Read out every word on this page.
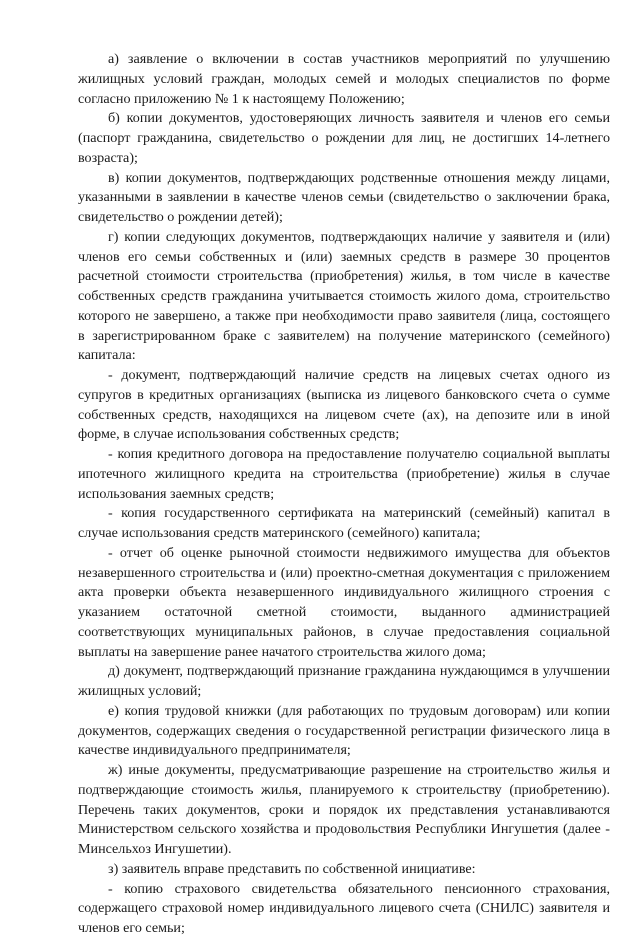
а) заявление о включении в состав участников мероприятий по улучшению жилищных условий граждан, молодых семей и молодых специалистов по форме согласно приложению № 1 к настоящему Положению;

б) копии документов, удостоверяющих личность заявителя и членов его семьи (паспорт гражданина, свидетельство о рождении для лиц, не достигших 14-летнего возраста);

в) копии документов, подтверждающих родственные отношения между лицами, указанными в заявлении в качестве членов семьи (свидетельство о заключении брака, свидетельство о рождении детей);

г) копии следующих документов, подтверждающих наличие у заявителя и (или) членов его семьи собственных и (или) заемных средств в размере 30 процентов расчетной стоимости строительства (приобретения) жилья, в том числе в качестве собственных средств гражданина учитывается стоимость жилого дома, строительство которого не завершено, а также при необходимости право заявителя (лица, состоящего в зарегистрированном браке с заявителем) на получение материнского (семейного) капитала:

- документ, подтверждающий наличие средств на лицевых счетах одного из супругов в кредитных организациях (выписка из лицевого банковского счета о сумме собственных средств, находящихся на лицевом счете (ах), на депозите или в иной форме, в случае использования собственных средств;

- копия кредитного договора на предоставление получателю социальной выплаты ипотечного жилищного кредита на строительства (приобретение) жилья в случае использования заемных средств;

- копия государственного сертификата на материнский (семейный) капитал в случае использования средств материнского (семейного) капитала;

- отчет об оценке рыночной стоимости недвижимого имущества для объектов незавершенного строительства и (или) проектно-сметная документация с приложением акта проверки объекта незавершенного индивидуального жилищного строения с указанием остаточной сметной стоимости, выданного администрацией соответствующих муниципальных районов, в случае предоставления социальной выплаты на завершение ранее начатого строительства жилого дома;

д) документ, подтверждающий признание гражданина нуждающимся в улучшении жилищных условий;

е) копия трудовой книжки (для работающих по трудовым договорам) или копии документов, содержащих сведения о государственной регистрации физического лица в качестве индивидуального предпринимателя;

ж) иные документы, предусматривающие разрешение на строительство жилья и подтверждающие стоимость жилья, планируемого к строительству (приобретению). Перечень таких документов, сроки и порядок их представления устанавливаются Министерством сельского хозяйства и продовольствия Республики Ингушетия (далее - Минсельхоз Ингушетии).

з) заявитель вправе представить по собственной инициативе:

- копию страхового свидетельства обязательного пенсионного страхования, содержащего страховой номер индивидуального лицевого счета (СНИЛС) заявителя и членов его семьи;
